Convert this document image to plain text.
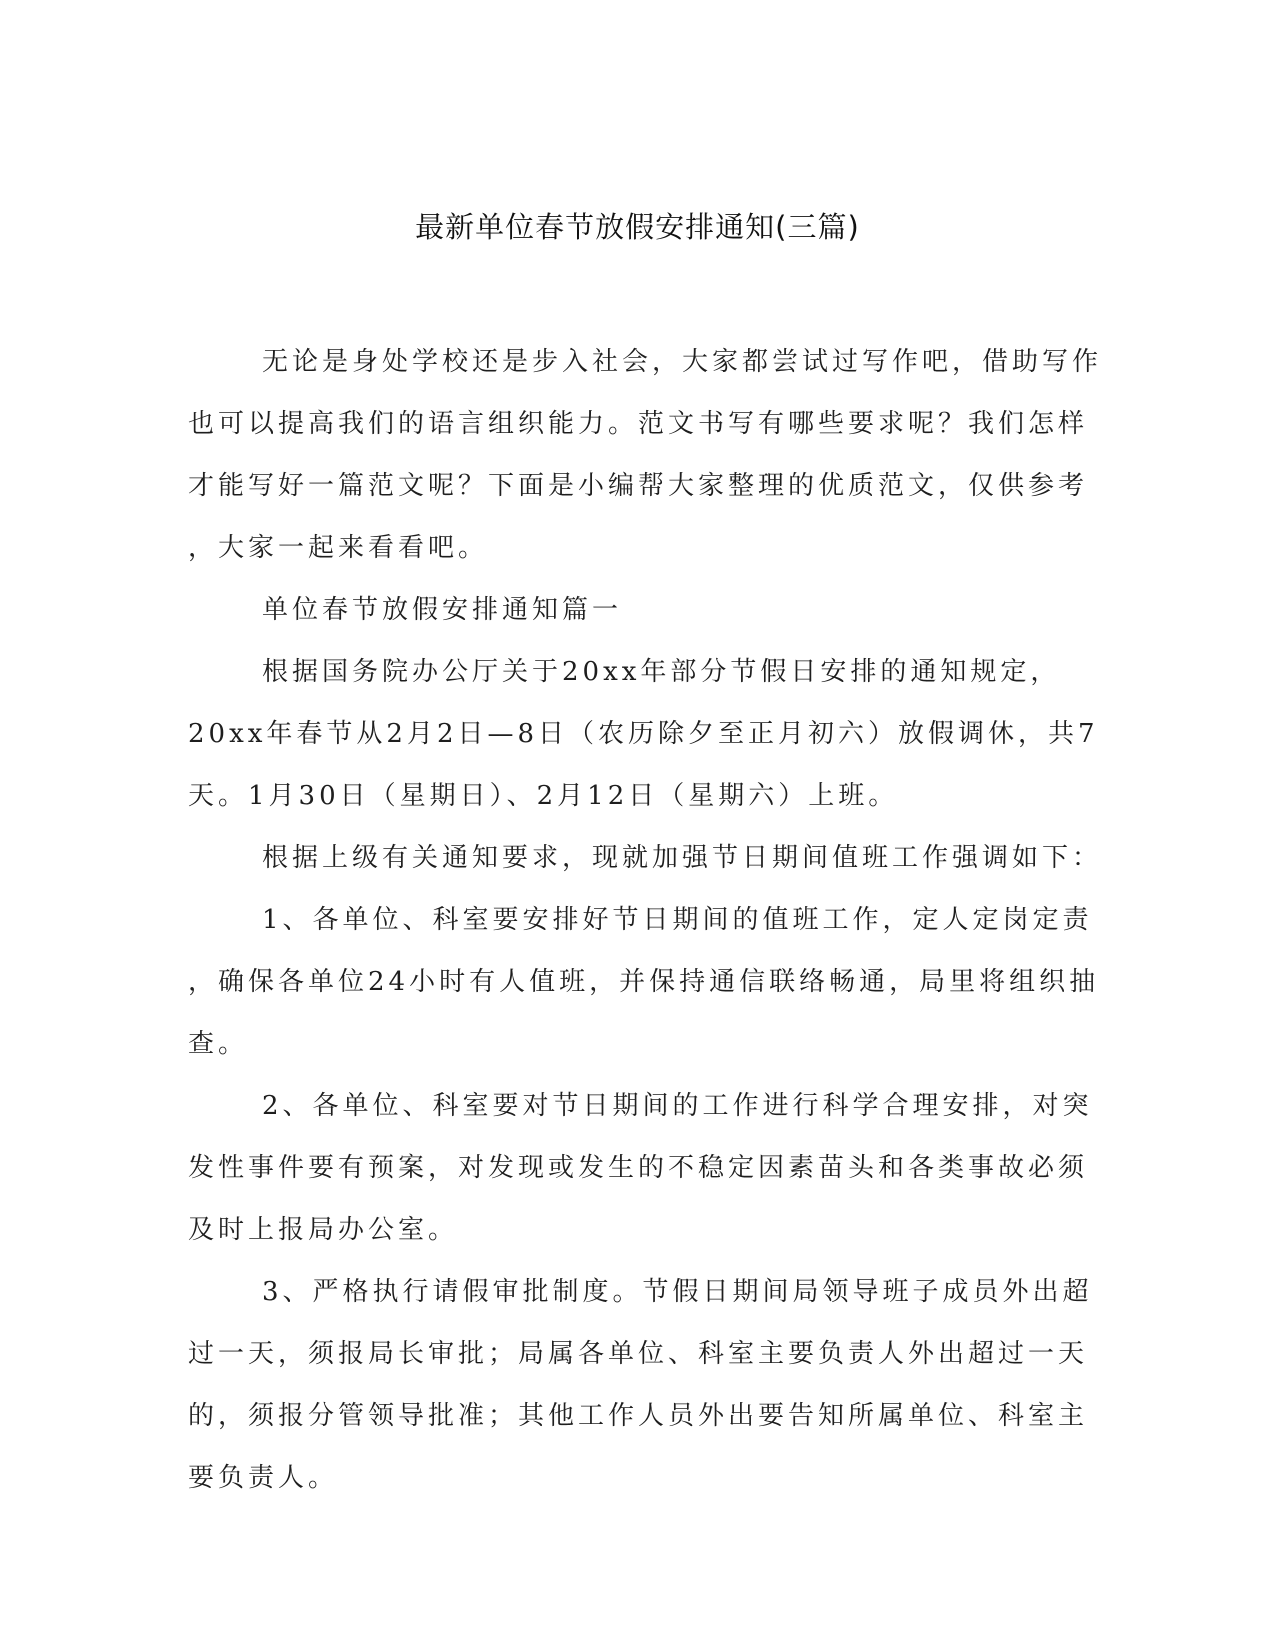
最新单位春节放假安排通知(三篇)
无论是身处学校还是步入社会，大家都尝试过写作吧，借助写作
也可以提高我们的语言组织能力。范文书写有哪些要求呢？我们怎样
才能写好一篇范文呢？下面是小编帮大家整理的优质范文，仅供参考
，大家一起来看看吧。
单位春节放假安排通知篇一
根据国务院办公厅关于20xx年部分节假日安排的通知规定，
20xx年春节从2月2日—8日（农历除夕至正月初六）放假调休，共7
天。1月30日（星期日）、2月12日（星期六）上班。
根据上级有关通知要求，现就加强节日期间值班工作强调如下：
1、各单位、科室要安排好节日期间的值班工作，定人定岗定责
，确保各单位24小时有人值班，并保持通信联络畅通，局里将组织抽
查。
2、各单位、科室要对节日期间的工作进行科学合理安排，对突
发性事件要有预案，对发现或发生的不稳定因素苗头和各类事故必须
及时上报局办公室。
3、严格执行请假审批制度。节假日期间局领导班子成员外出超
过一天，须报局长审批；局属各单位、科室主要负责人外出超过一天
的，须报分管领导批准；其他工作人员外出要告知所属单位、科室主
要负责人。
